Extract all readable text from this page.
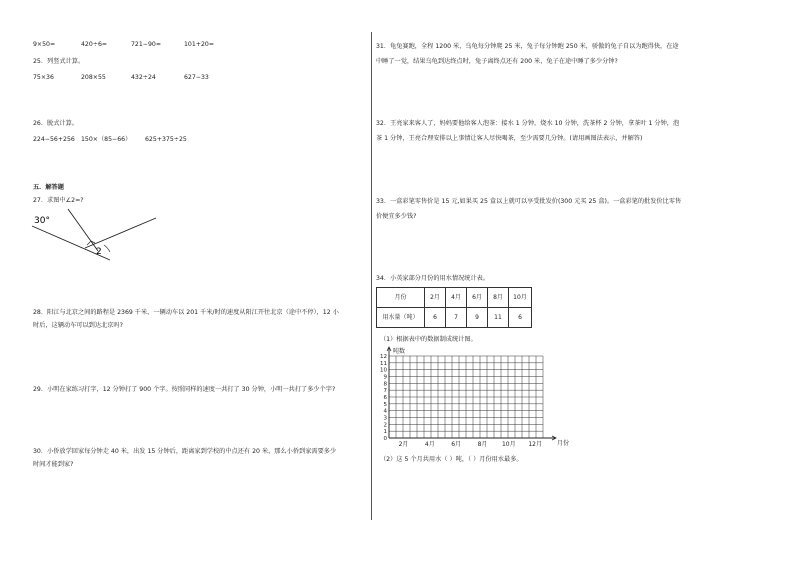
9×50=	420÷6=	721−90≈	101+20=
25．列竖式计算。
75×36	208×55	432÷24	627−33
26．脱式计算。
224−56+256 150×（85−66） 625+375÷25
五．解答题
27．求图中∠2=?
30°
2
28．阳江与北京之间的路程是 2369 千米，一辆动车以 201 千米/时的速度从阳江开往北京（途中不停），12 小
时后，这辆动车可以到达北京吗?
29．小明在家练习打字，12 分钟打了 900 个字。按照同样的速度一共打了 30 分钟，小明一共打了多少个字?
30．小侨放学回家每分钟走 40 米，出发 15 分钟后，距离家到学校的中点还有 20 米，那么小侨到家需要多少
时间才能到家?
31．龟兔赛跑，全程 1200 米，乌龟每分钟爬 25 米，兔子每分钟跑 250 米，骄傲的兔子自以为跑得快，在途
中睡了一觉，结果乌龟到达终点时，兔子离终点还有 200 米，兔子在途中睡了多少分钟?
32．王亮家来客人了，妈妈要他给客人泡茶：接水 1 分钟，烧水 10 分钟，洗茶杯 2 分钟，拿茶叶 1 分钟，泡
茶 1 分钟，王亮合理安排以上事情让客人尽快喝茶，至少需要几分钟。(请用画图法表示，并解答)
33．一盒彩笔零售价是 15 元,如果买 25 盒以上就可以享受批发价(300 元买 25 盒)。一盒彩笔的批发价比零售
价便宜多少钱?
34．小英家部分月份的用水情况统计表。
月份	2月	4月	6月	8月	10月
用水量（吨）	6	7	9	11	6
（1）根据表中的数据制成统计图。
0
1
2
3
4
5
6
7
8
9
10
11
12
吨数
月份
2月	4月	6月	8月 10月 12月
（2）这 5 个月共用水（ ）吨，（ ）月份用水最多。
